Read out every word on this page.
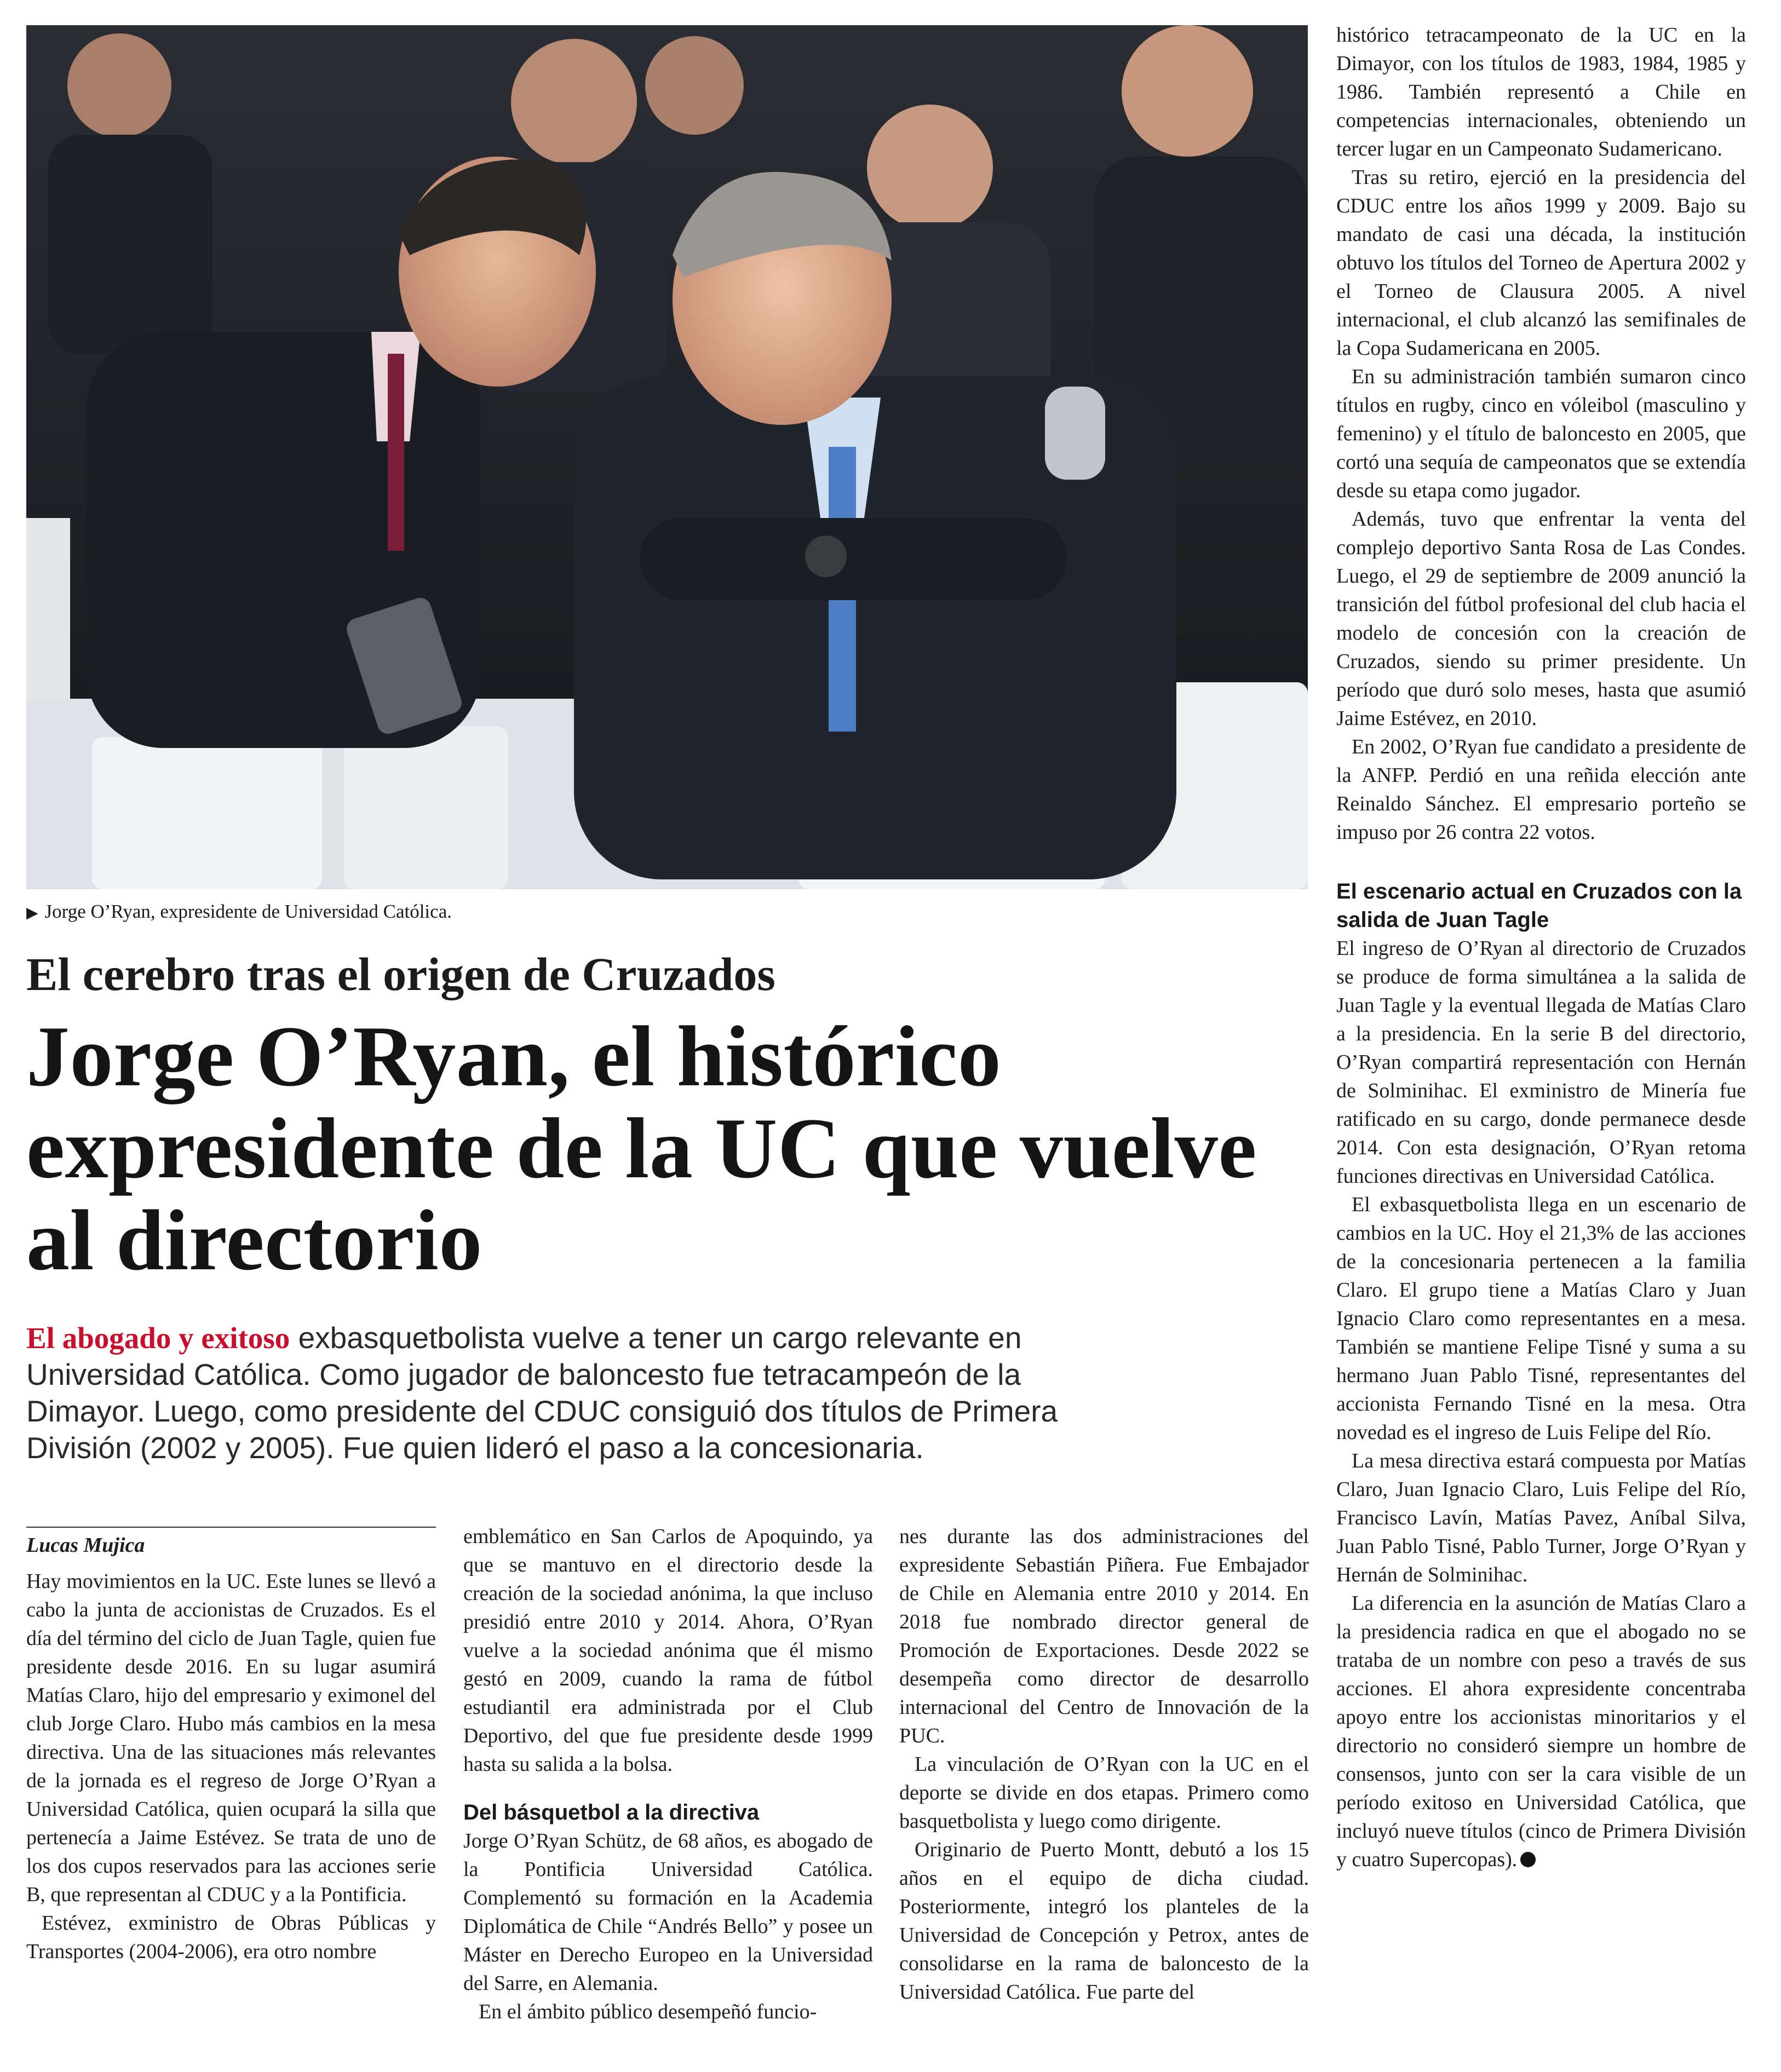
▶ Jorge O’Ryan, expresidente de Universidad Católica.
El cerebro tras el origen de Cruzados
Jorge O’Ryan, el histórico expresidente de la UC que vuelve al directorio
El abogado y exitoso exbasquetbolista vuelve a tener un cargo relevante en Universidad Católica. Como jugador de baloncesto fue tetracampeón de la Dimayor. Luego, como presidente del CDUC consiguió dos títulos de Primera División (2002 y 2005). Fue quien lideró el paso a la concesionaria.
Lucas Mujica

Hay movimientos en la UC. Este lunes se llevó a cabo la junta de accionistas de Cruzados. Es el día del término del ciclo de Juan Tagle, quien fue presidente desde 2016. En su lugar asumirá Matías Claro, hijo del empresario y eximonel del club Jorge Claro. Hubo más cambios en la mesa directiva. Una de las situaciones más relevantes de la jornada es el regreso de Jorge O’Ryan a Universidad Católica, quien ocupará la silla que pertenecía a Jaime Estévez. Se trata de uno de los dos cupos reservados para las acciones serie B, que representan al CDUC y a la Pontificia.

Estévez, exministro de Obras Públicas y Transportes (2004-2006), era otro nombre

emblemático en San Carlos de Apoquindo, ya que se mantuvo en el directorio desde la creación de la sociedad anónima, la que incluso presidió entre 2010 y 2014. Ahora, O’Ryan vuelve a la sociedad anónima que él mismo gestó en 2009, cuando la rama de fútbol estudiantil era administrada por el Club Deportivo, del que fue presidente desde 1999 hasta su salida a la bolsa.

Del básquetbol a la directiva

Jorge O’Ryan Schütz, de 68 años, es abogado de la Pontificia Universidad Católica. Complementó su formación en la Academia Diplomática de Chile “Andrés Bello” y posee un Máster en Derecho Europeo en la Universidad del Sarre, en Alemania.

En el ámbito público desempeñó funcio-

nes durante las dos administraciones del expresidente Sebastián Piñera. Fue Embajador de Chile en Alemania entre 2010 y 2014. En 2018 fue nombrado director general de Promoción de Exportaciones. Desde 2022 se desempeña como director de desarrollo internacional del Centro de Innovación de la PUC.

La vinculación de O’Ryan con la UC en el deporte se divide en dos etapas. Primero como basquetbolista y luego como dirigente.

Originario de Puerto Montt, debutó a los 15 años en el equipo de dicha ciudad. Posteriormente, integró los planteles de la Universidad de Concepción y Petrox, antes de consolidarse en la rama de baloncesto de la Universidad Católica. Fue parte del

histórico tetracampeonato de la UC en la Dimayor, con los títulos de 1983, 1984, 1985 y 1986. También representó a Chile en competencias internacionales, obteniendo un tercer lugar en un Campeonato Sudamericano.

Tras su retiro, ejerció en la presidencia del CDUC entre los años 1999 y 2009. Bajo su mandato de casi una década, la institución obtuvo los títulos del Torneo de Apertura 2002 y el Torneo de Clausura 2005. A nivel internacional, el club alcanzó las semifinales de la Copa Sudamericana en 2005.

En su administración también sumaron cinco títulos en rugby, cinco en vóleibol (masculino y femenino) y el título de baloncesto en 2005, que cortó una sequía de campeonatos que se extendía desde su etapa como jugador.

Además, tuvo que enfrentar la venta del complejo deportivo Santa Rosa de Las Condes. Luego, el 29 de septiembre de 2009 anunció la transición del fútbol profesional del club hacia el modelo de concesión con la creación de Cruzados, siendo su primer presidente. Un período que duró solo meses, hasta que asumió Jaime Estévez, en 2010.

En 2002, O’Ryan fue candidato a presidente de la ANFP. Perdió en una reñida elección ante Reinaldo Sánchez. El empresario porteño se impuso por 26 contra 22 votos.

El escenario actual en Cruzados con la salida de Juan Tagle

El ingreso de O’Ryan al directorio de Cruzados se produce de forma simultánea a la salida de Juan Tagle y la eventual llegada de Matías Claro a la presidencia. En la serie B del directorio, O’Ryan compartirá representación con Hernán de Solminihac. El exministro de Minería fue ratificado en su cargo, donde permanece desde 2014. Con esta designación, O’Ryan retoma funciones directivas en Universidad Católica.

El exbasquetbolista llega en un escenario de cambios en la UC. Hoy el 21,3% de las acciones de la concesionaria pertenecen a la familia Claro. El grupo tiene a Matías Claro y Juan Ignacio Claro como representantes en a mesa. También se mantiene Felipe Tisné y suma a su hermano Juan Pablo Tisné, representantes del accionista Fernando Tisné en la mesa. Otra novedad es el ingreso de Luis Felipe del Río.

La mesa directiva estará compuesta por Matías Claro, Juan Ignacio Claro, Luis Felipe del Río, Francisco Lavín, Matías Pavez, Aníbal Silva, Juan Pablo Tisné, Pablo Turner, Jorge O’Ryan y Hernán de Solminihac.

La diferencia en la asunción de Matías Claro a la presidencia radica en que el abogado no se trataba de un nombre con peso a través de sus acciones. El ahora expresidente concentraba apoyo entre los accionistas minoritarios y el directorio no consideró siempre un hombre de consensos, junto con ser la cara visible de un período exitoso en Universidad Católica, que incluyó nueve títulos (cinco de Primera División y cuatro Supercopas).
